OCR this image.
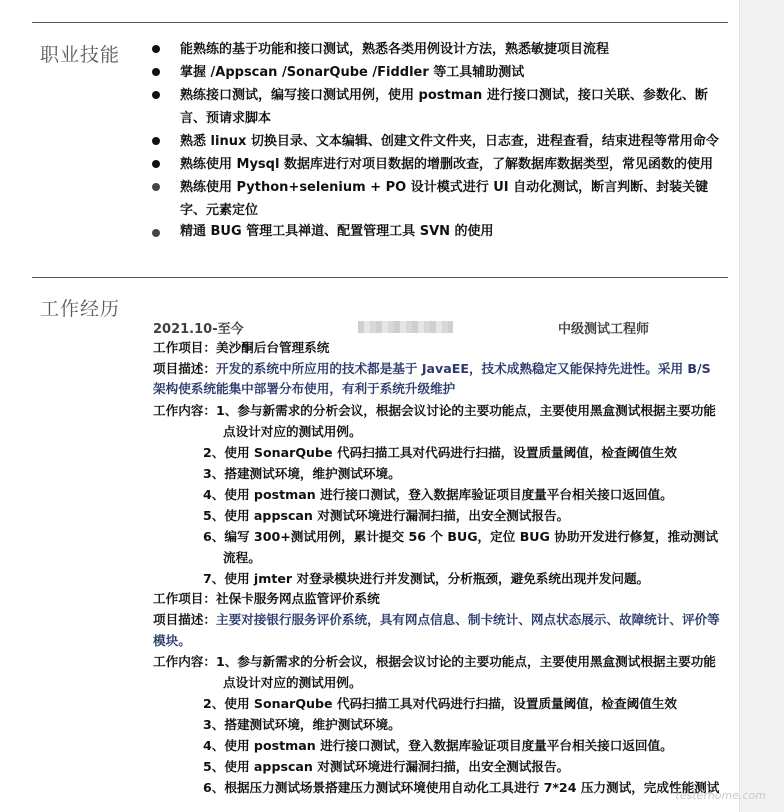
职业技能	能熟练的基于功能和接口测试，熟悉各类用例设计方法，熟悉敏捷项目流程
掌握 /Appscan /SonarQube /Fiddler 等工具辅助测试
熟练接口测试，编写接口测试用例，使用 postman 进行接口测试，接口关联、参数化、断言、预请求脚本
熟悉 linux 切换目录、文本编辑、创建文件文件夹，日志查，进程查看，结束进程等常用命令
熟练使用 Mysql 数据库进行对项目数据的增删改查，了解数据库数据类型，常见函数的使用
熟练使用 Python+selenium + PO 设计模式进行 UI 自动化测试，断言判断、封装关键字、元素定位
精通 BUG 管理工具禅道、配置管理工具 SVN 的使用
工作经历
2021.10-至今	中级测试工程师

工作项目：美沙酮后台管理系统

项目描述：开发的系统中所应用的技术都是基于 JavaEE，技术成熟稳定又能保持先进性。采用 B/S 架构使系统能集中部署分布使用，有利于系统升级维护

工作内容：1、参与新需求的分析会议，根据会议讨论的主要功能点，主要使用黑盒测试根据主要功能点设计对应的测试用例。

2、使用 SonarQube 代码扫描工具对代码进行扫描，设置质量阈值，检查阈值生效

3、搭建测试环境，维护测试环境。

4、使用 postman 进行接口测试，登入数据库验证项目度量平台相关接口返回值。

5、使用 appscan 对测试环境进行漏洞扫描，出安全测试报告。

6、编写 300+测试用例，累计提交 56 个 BUG，定位 BUG 协助开发进行修复，推动测试流程。

7、使用 jmter 对登录模块进行并发测试，分析瓶颈，避免系统出现并发问题。

工作项目：社保卡服务网点监管评价系统

项目描述：主要对接银行服务评价系统，具有网点信息、制卡统计、网点状态展示、故障统计、评价等模块。

工作内容：1、参与新需求的分析会议，根据会议讨论的主要功能点，主要使用黑盒测试根据主要功能点设计对应的测试用例。

2、使用 SonarQube 代码扫描工具对代码进行扫描，设置质量阈值，检查阈值生效

3、搭建测试环境，维护测试环境。

4、使用 postman 进行接口测试，登入数据库验证项目度量平台相关接口返回值。

5、使用 appscan 对测试环境进行漏洞扫描，出安全测试报告。

6、根据压力测试场景搭建压力测试环境使用自动化工具进行 7*24 压力测试，完成性能测试

testerhome.com
